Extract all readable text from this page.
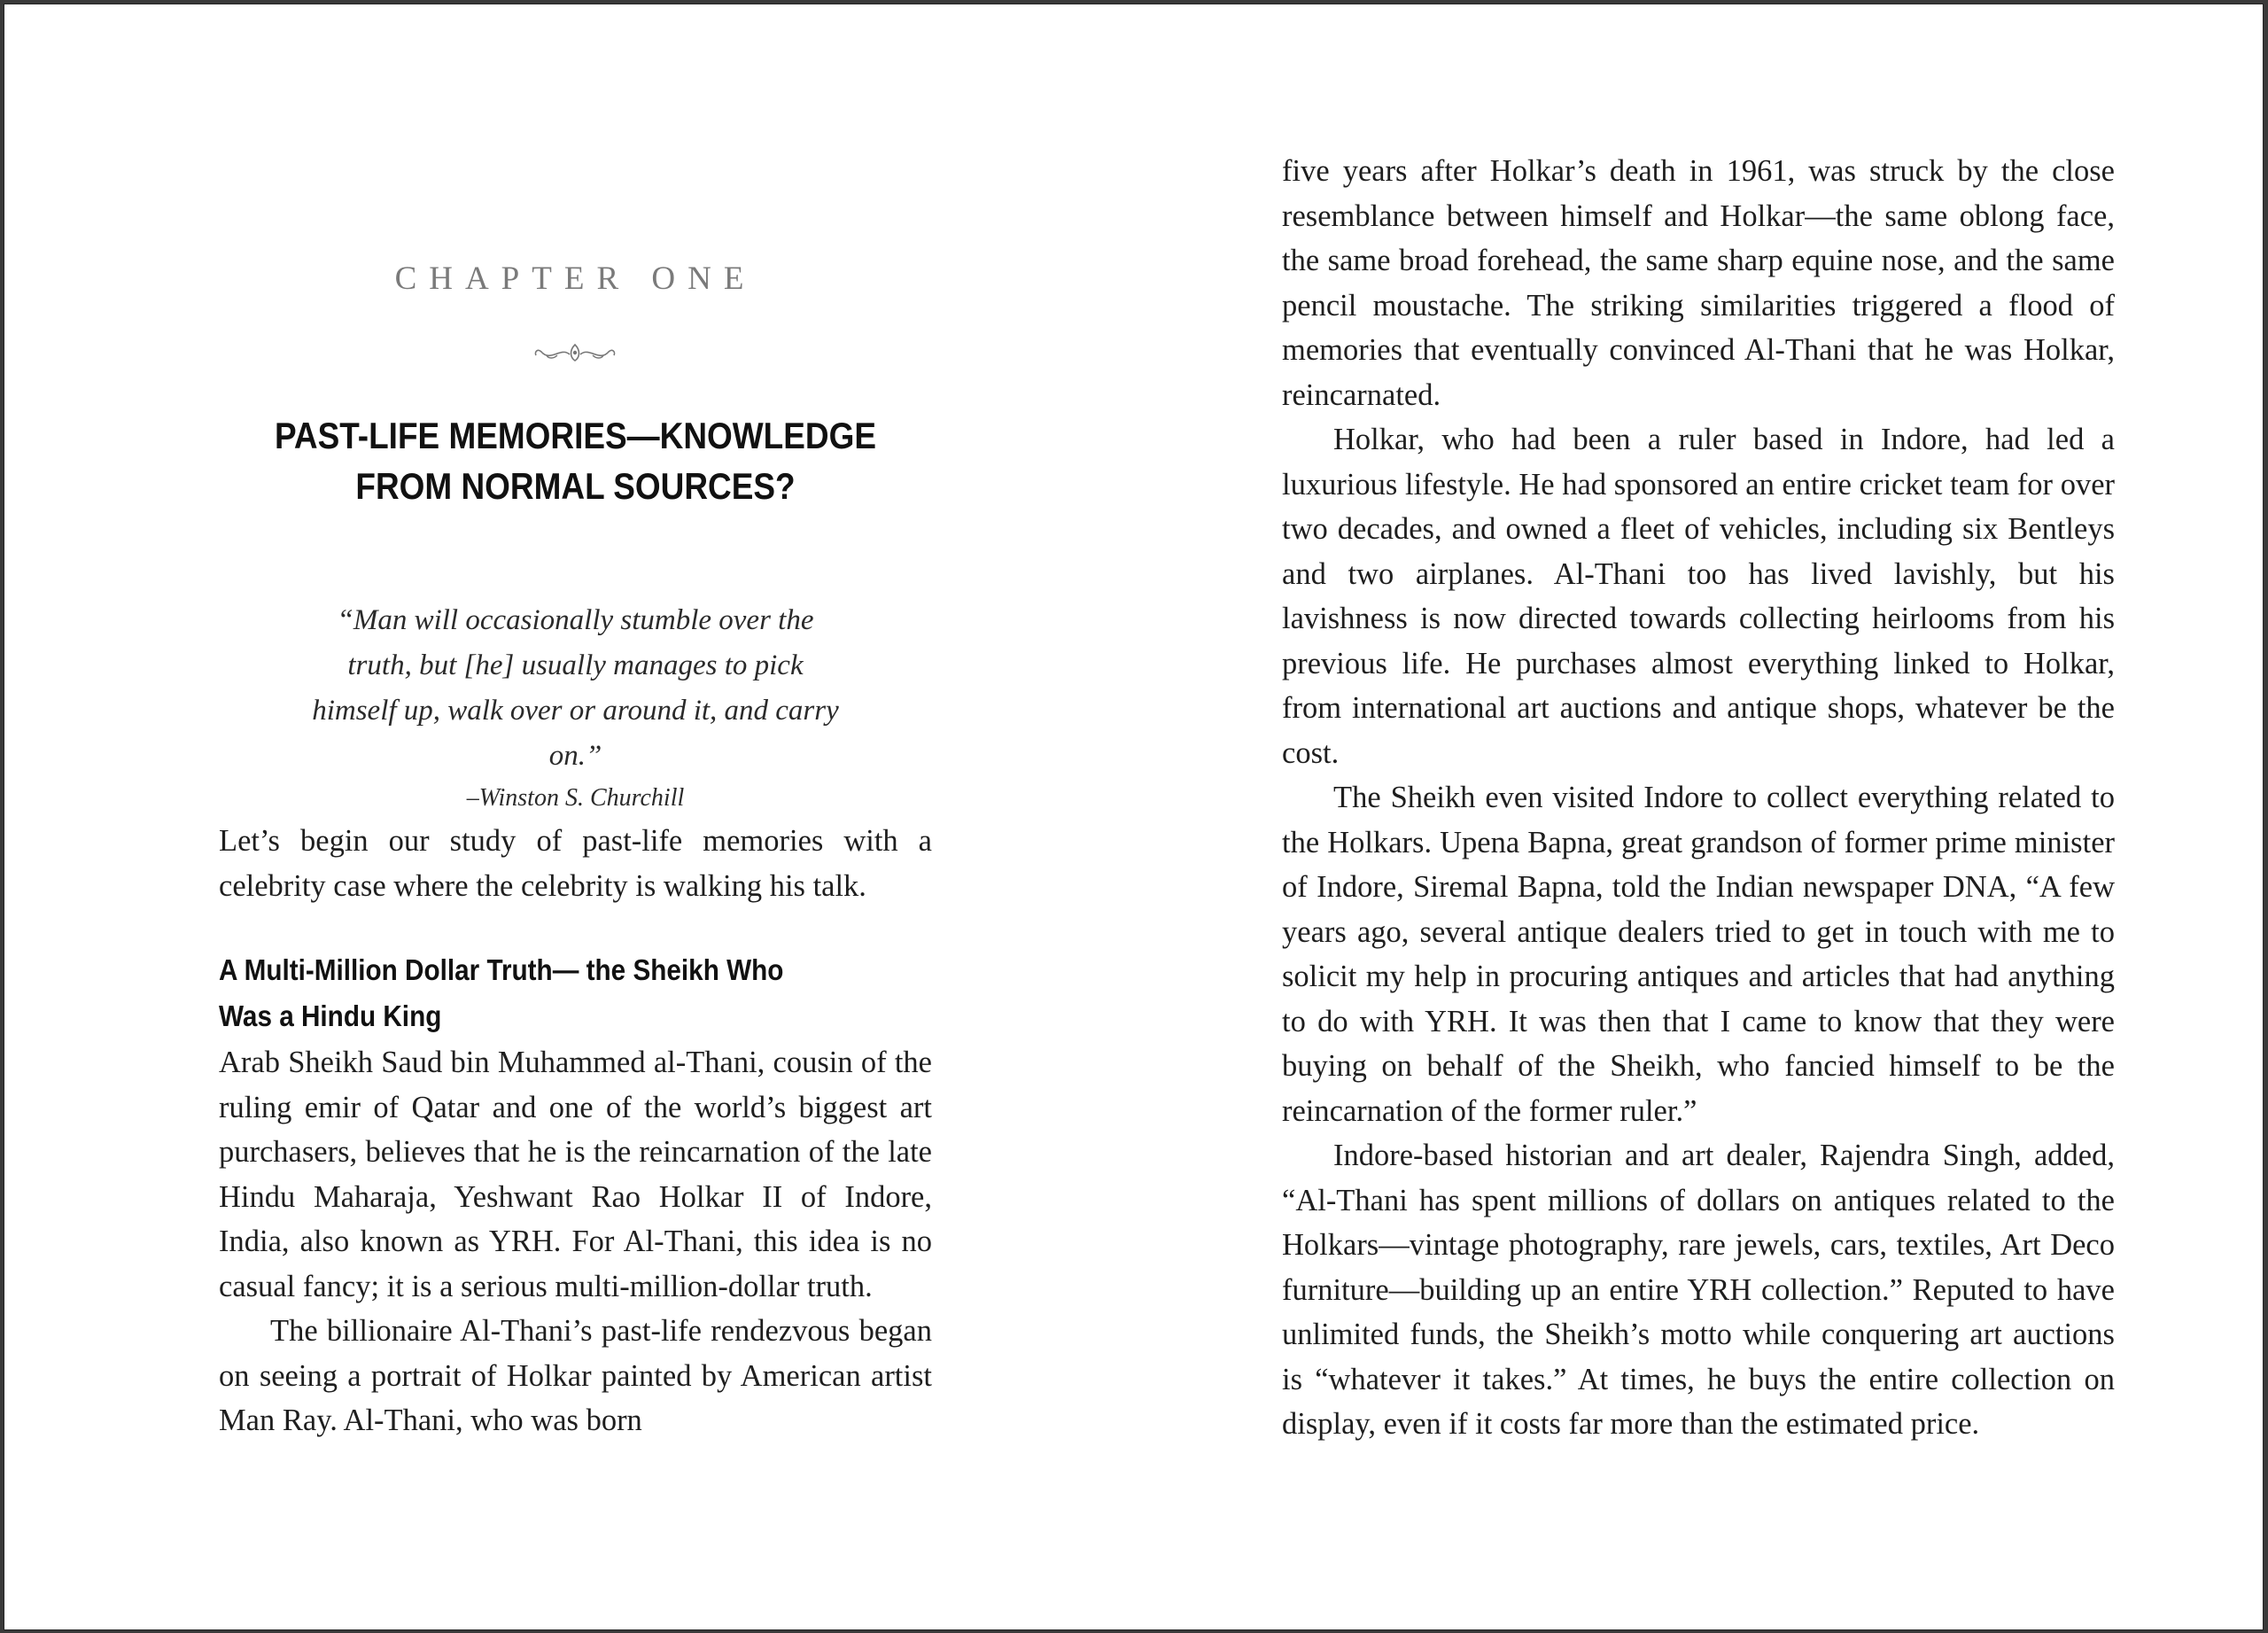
CHAPTER ONE
PAST-LIFE MEMORIES—KNOWLEDGE FROM NORMAL SOURCES?
“Man will occasionally stumble over the truth, but [he] usually manages to pick himself up, walk over or around it, and carry on.”
–Winston S. Churchill

Let’s begin our study of past-life memories with a celebrity case where the celebrity is walking his talk.

A Multi-Million Dollar Truth— the Sheikh Who Was a Hindu King

Arab Sheikh Saud bin Muhammed al-Thani, cousin of the ruling emir of Qatar and one of the world’s biggest art purchasers, believes that he is the reincarnation of the late Hindu Maharaja, Yeshwant Rao Holkar II of Indore, India, also known as YRH. For Al-Thani, this idea is no casual fancy; it is a serious multi-million-dollar truth.

The billionaire Al-Thani’s past-life rendezvous began on seeing a portrait of Holkar painted by American artist Man Ray. Al-Thani, who was born

five years after Holkar’s death in 1961, was struck by the close resemblance between himself and Holkar—the same oblong face, the same broad forehead, the same sharp equine nose, and the same pencil moustache. The striking similarities triggered a flood of memories that eventually convinced Al-Thani that he was Holkar, reincarnated.

Holkar, who had been a ruler based in Indore, had led a luxurious lifestyle. He had sponsored an entire cricket team for over two decades, and owned a fleet of vehicles, including six Bentleys and two airplanes. Al-Thani too has lived lavishly, but his lavishness is now directed towards collecting heirlooms from his previous life. He purchases almost everything linked to Holkar, from international art auctions and antique shops, whatever be the cost.

The Sheikh even visited Indore to collect everything related to the Holkars. Upena Bapna, great grandson of former prime minister of Indore, Siremal Bapna, told the Indian newspaper DNA, “A few years ago, several antique dealers tried to get in touch with me to solicit my help in procuring antiques and articles that had anything to do with YRH. It was then that I came to know that they were buying on behalf of the Sheikh, who fancied himself to be the reincarnation of the former ruler.”

Indore-based historian and art dealer, Rajendra Singh, added, “Al-Thani has spent millions of dollars on antiques related to the Holkars—vintage photography, rare jewels, cars, textiles, Art Deco furniture—building up an entire YRH collection.” Reputed to have unlimited funds, the Sheikh’s motto while conquering art auctions is “whatever it takes.” At times, he buys the entire collection on display, even if it costs far more than the estimated price.
